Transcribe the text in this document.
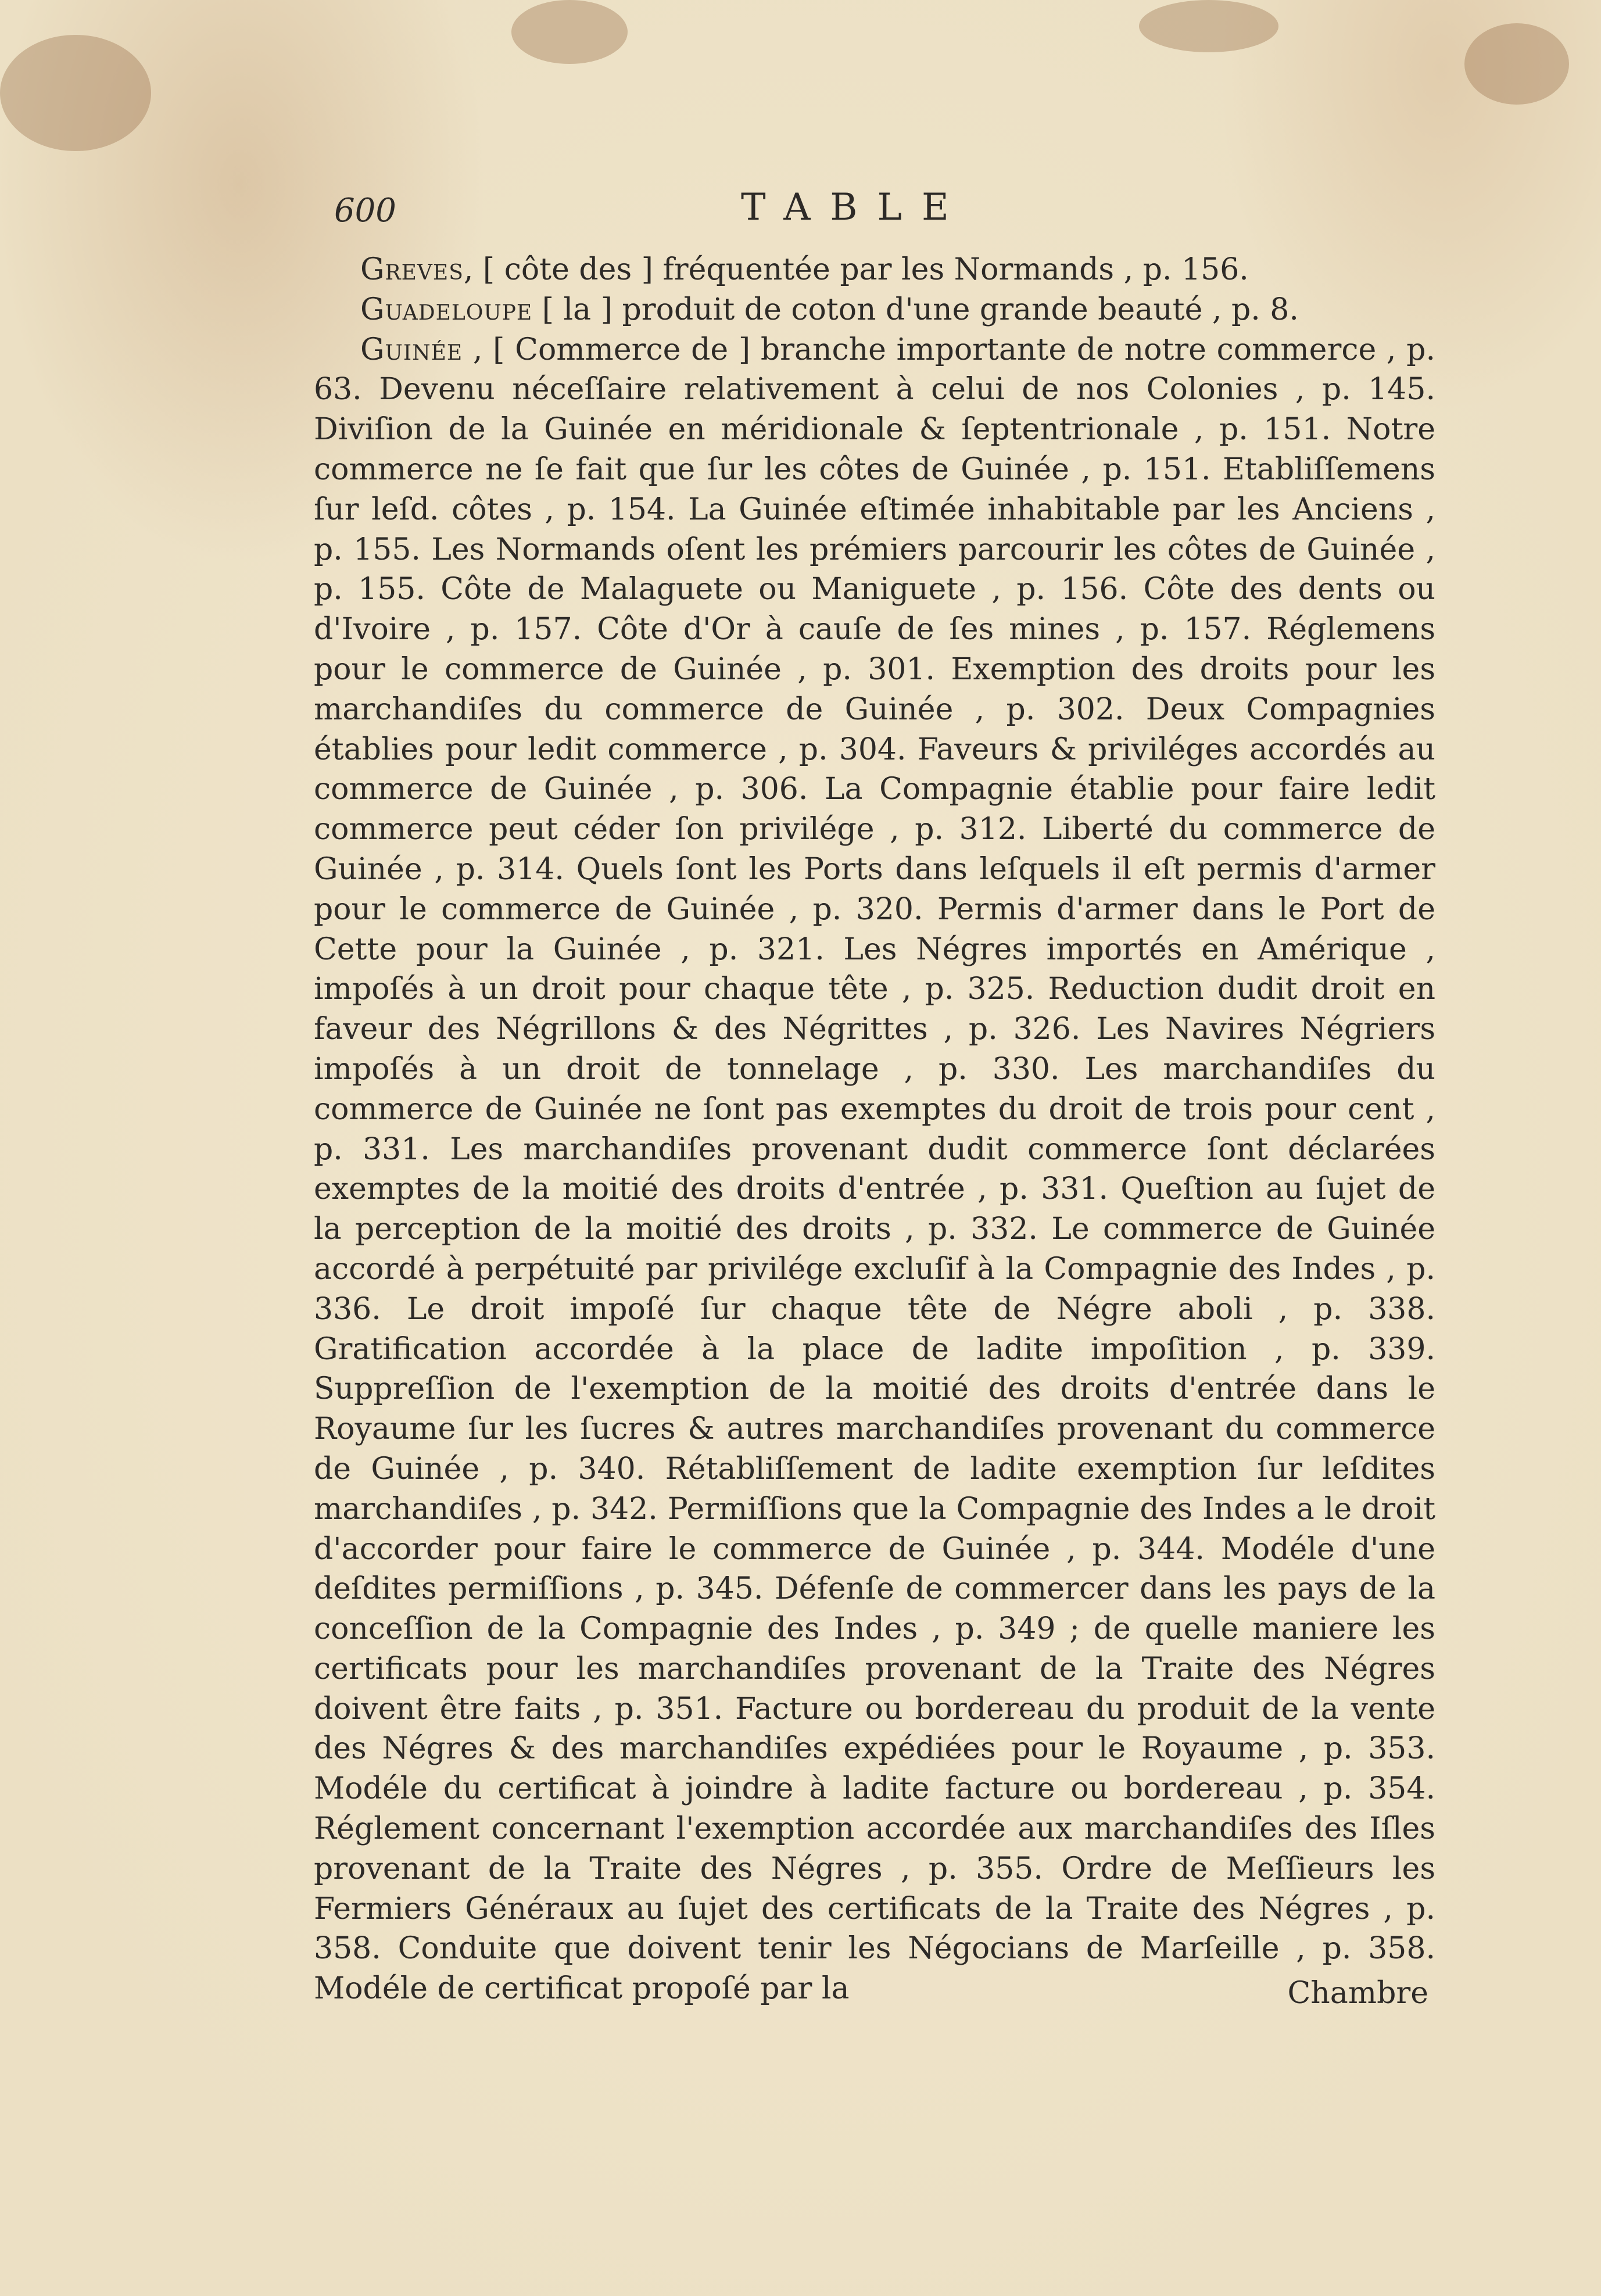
600	TABLE

Greves, [ côte des ] fréquentée par les Normands , p. 156.

Guadeloupe [ la ] produit de coton d'une grande beauté , p. 8.

Guinée , [ Commerce de ] branche importante de notre commerce , p. 63. Devenu néceſſaire relativement à celui de nos Colonies , p. 145. Diviſion de la Guinée en méridionale & ſeptentrionale , p. 151. Notre commerce ne ſe fait que ſur les côtes de Guinée , p. 151. Etabliſſemens ſur leſd. côtes , p. 154. La Guinée eſtimée inhabitable par les Anciens , p. 155. Les Normands oſent les prémiers parcourir les côtes de Guinée , p. 155. Côte de Malaguete ou Maniguete , p. 156. Côte des dents ou d'Ivoire , p. 157. Côte d'Or à cauſe de ſes mines , p. 157. Réglemens pour le commerce de Guinée , p. 301. Exemption des droits pour les marchandiſes du commerce de Guinée , p. 302. Deux Compagnies établies pour ledit commerce , p. 304. Faveurs & priviléges accordés au commerce de Guinée , p. 306. La Compagnie établie pour faire ledit commerce peut céder ſon privilége , p. 312. Liberté du commerce de Guinée , p. 314. Quels ſont les Ports dans leſquels il eſt permis d'armer pour le commerce de Guinée , p. 320. Permis d'armer dans le Port de Cette pour la Guinée , p. 321. Les Négres importés en Amérique , impoſés à un droit pour chaque tête , p. 325. Reduction dudit droit en faveur des Négrillons & des Négrittes , p. 326. Les Navires Négriers impoſés à un droit de tonnelage , p. 330. Les marchandiſes du commerce de Guinée ne ſont pas exemptes du droit de trois pour cent , p. 331. Les marchandiſes provenant dudit commerce ſont déclarées exemptes de la moitié des droits d'entrée , p. 331. Queſtion au ſujet de la perception de la moitié des droits , p. 332. Le commerce de Guinée accordé à perpétuité par privilége excluſif à la Compagnie des Indes , p. 336. Le droit impoſé ſur chaque tête de Négre aboli , p. 338. Gratification accordée à la place de ladite impoſition , p. 339. Suppreſſion de l'exemption de la moitié des droits d'entrée dans le Royaume ſur les ſucres & autres marchandiſes provenant du commerce de Guinée , p. 340. Rétabliſſement de ladite exemption ſur leſdites marchandiſes , p. 342. Permiſſions que la Compagnie des Indes a le droit d'accorder pour faire le commerce de Guinée , p. 344. Modéle d'une deſdites permiſſions , p. 345. Défenſe de commercer dans les pays de la conceſſion de la Compagnie des Indes , p. 349 ; de quelle maniere les certificats pour les marchandiſes provenant de la Traite des Négres doivent être faits , p. 351. Facture ou bordereau du produit de la vente des Négres & des marchandiſes expédiées pour le Royaume , p. 353. Modéle du certificat à joindre à ladite facture ou bordereau , p. 354. Réglement concernant l'exemption accordée aux marchandiſes des Iſles provenant de la Traite des Négres , p. 355. Ordre de Meſſieurs les Fermiers Généraux au ſujet des certificats de la Traite des Négres , p. 358. Conduite que doivent tenir les Négocians de Marſeille , p. 358. Modéle de certificat propoſé par la	Chambre
